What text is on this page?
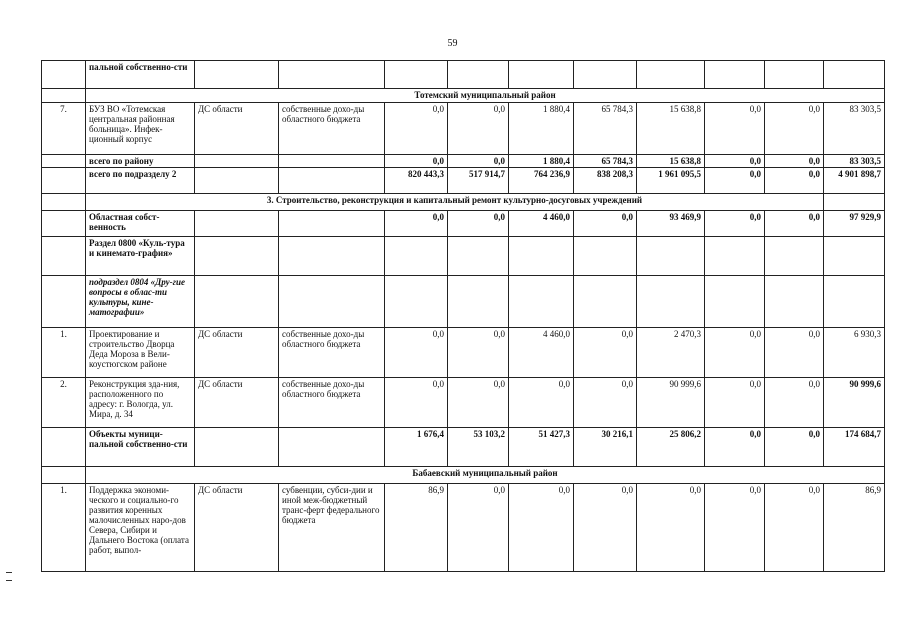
59
	пальной собственно-сти										
	Тотемский муниципальный район										
7.	БУЗ ВО «Тотемская центральная районная больница». Инфек-ционный корпус	ДС области	собственные дохо-ды областного бюджета	0,0	0,0	1 880,4	65 784,3	15 638,8	0,0	0,0	83 303,5
	всего по району			0,0	0,0	1 880,4	65 784,3	15 638,8	0,0	0,0	83 303,5
	всего по подразделу 2			820 443,3	517 914,7	764 236,9	838 208,3	1 961 095,5	0,0	0,0	4 901 898,7
	3. Строительство, реконструкция и капитальный ремонт культурно-досуговых учреждений										
	Областная собст-венность			0,0	0,0	4 460,0	0,0	93 469,9	0,0	0,0	97 929,9
	Раздел 0800 «Куль-тура и кинемато-графия»										
	подраздел 0804 «Дру-гие вопросы в облас-ти культуры, кине-матографии»										
1.	Проектирование и строительство Дворца Деда Мороза в Вели-коустюгском районе	ДС области	собственные дохо-ды областного бюджета	0,0	0,0	4 460,0	0,0	2 470,3	0,0	0,0	6 930,3
2.	Реконструкция зда-ния, расположенного по адресу: г. Вологда, ул. Мира, д. 34	ДС области	собственные дохо-ды областного бюджета	0,0	0,0	0,0	0,0	90 999,6	0,0	0,0	90 999,6
	Объекты муници-пальной собственно-сти			1 676,4	53 103,2	51 427,3	30 216,1	25 806,2	0,0	0,0	174 684,7
	Бабаевский муниципальный район										
1.	Поддержка экономи-ческого и социально-го развития коренных малочисленных наро-дов Севера, Сибири и Дальнего Востока (оплата работ, выпол-	ДС области	субвенции, субси-дии и иной меж-бюджетный транс-ферт федерального бюджета	86,9	0,0	0,0	0,0	0,0	0,0	0,0	86,9
